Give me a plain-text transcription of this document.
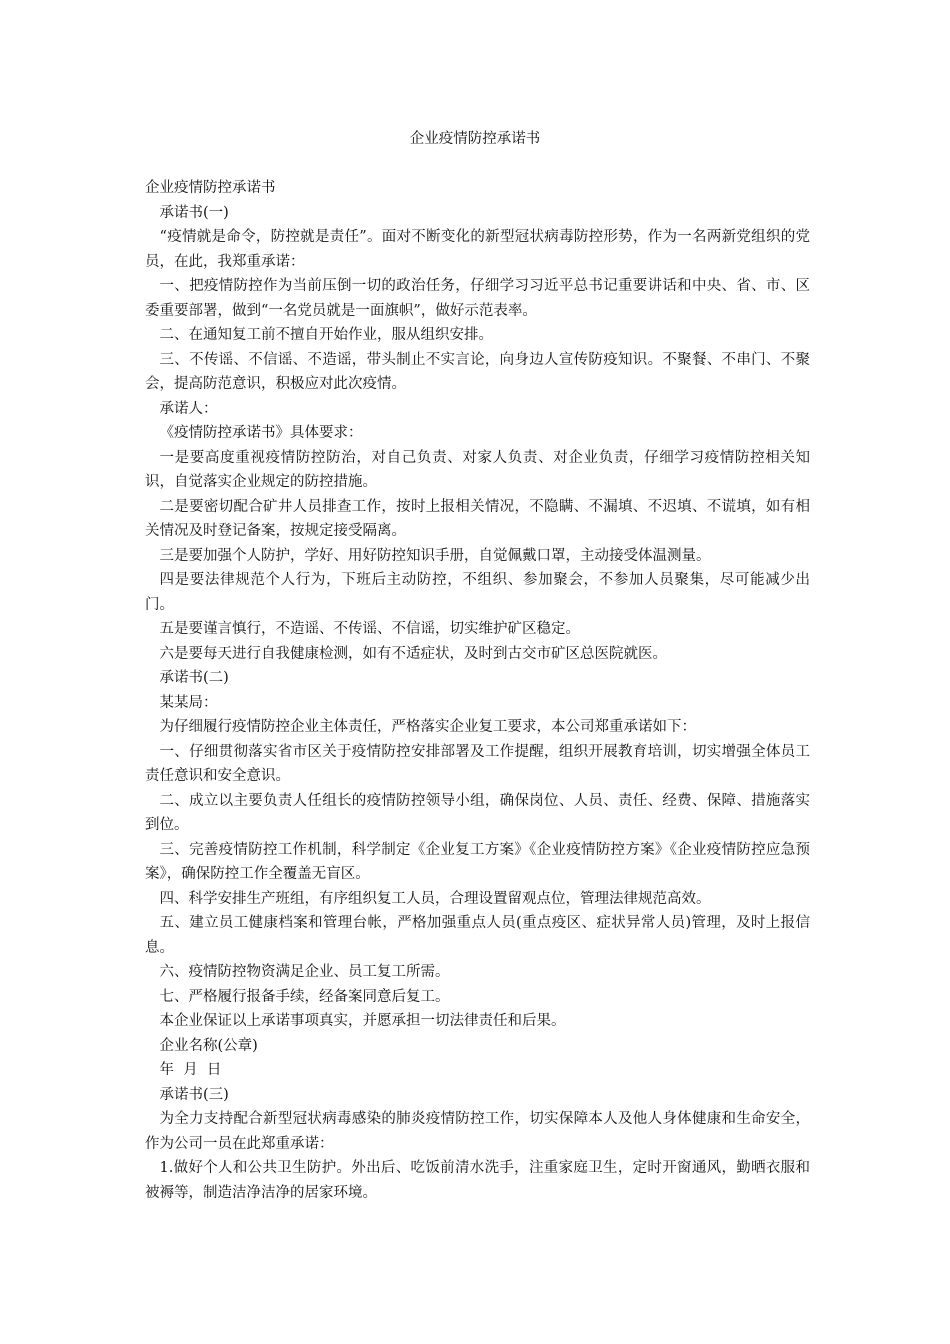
企业疫情防控承诺书

企业疫情防控承诺书

承诺书(一)

“疫情就是命令，防控就是责任”。面对不断变化的新型冠状病毒防控形势，作为一名两新党组织的党员，在此，我郑重承诺：

一、把疫情防控作为当前压倒一切的政治任务，仔细学习习近平总书记重要讲话和中央、省、市、区委重要部署，做到“一名党员就是一面旗帜”，做好示范表率。

二、在通知复工前不擅自开始作业，服从组织安排。

三、不传谣、不信谣、不造谣，带头制止不实言论，向身边人宣传防疫知识。不聚餐、不串门、不聚会，提高防范意识，积极应对此次疫情。

承诺人：

《疫情防控承诺书》具体要求：

一是要高度重视疫情防控防治，对自己负责、对家人负责、对企业负责，仔细学习疫情防控相关知识，自觉落实企业规定的防控措施。

二是要密切配合矿井人员排查工作，按时上报相关情况，不隐瞒、不漏填、不迟填、不谎填，如有相关情况及时登记备案，按规定接受隔离。

三是要加强个人防护，学好、用好防控知识手册，自觉佩戴口罩，主动接受体温测量。

四是要法律规范个人行为，下班后主动防控，不组织、参加聚会，不参加人员聚集，尽可能减少出门。

五是要谨言慎行，不造谣、不传谣、不信谣，切实维护矿区稳定。

六是要每天进行自我健康检测，如有不适症状，及时到古交市矿区总医院就医。

承诺书(二)

某某局：

为仔细履行疫情防控企业主体责任，严格落实企业复工要求，本公司郑重承诺如下：

一、仔细贯彻落实省市区关于疫情防控安排部署及工作提醒，组织开展教育培训，切实增强全体员工责任意识和安全意识。

二、成立以主要负责人任组长的疫情防控领导小组，确保岗位、人员、责任、经费、保障、措施落实到位。

三、完善疫情防控工作机制，科学制定《企业复工方案》《企业疫情防控方案》《企业疫情防控应急预案》，确保防控工作全覆盖无盲区。

四、科学安排生产班组，有序组织复工人员，合理设置留观点位，管理法律规范高效。

五、建立员工健康档案和管理台帐，严格加强重点人员(重点疫区、症状异常人员)管理，及时上报信息。

六、疫情防控物资满足企业、员工复工所需。

七、严格履行报备手续，经备案同意后复工。

本企业保证以上承诺事项真实，并愿承担一切法律责任和后果。

企业名称(公章)

年  月  日

承诺书(三)

为全力支持配合新型冠状病毒感染的肺炎疫情防控工作，切实保障本人及他人身体健康和生命安全，作为公司一员在此郑重承诺：

1.做好个人和公共卫生防护。外出后、吃饭前清水洗手，注重家庭卫生，定时开窗通风，勤晒衣服和被褥等，制造洁净洁净的居家环境。
